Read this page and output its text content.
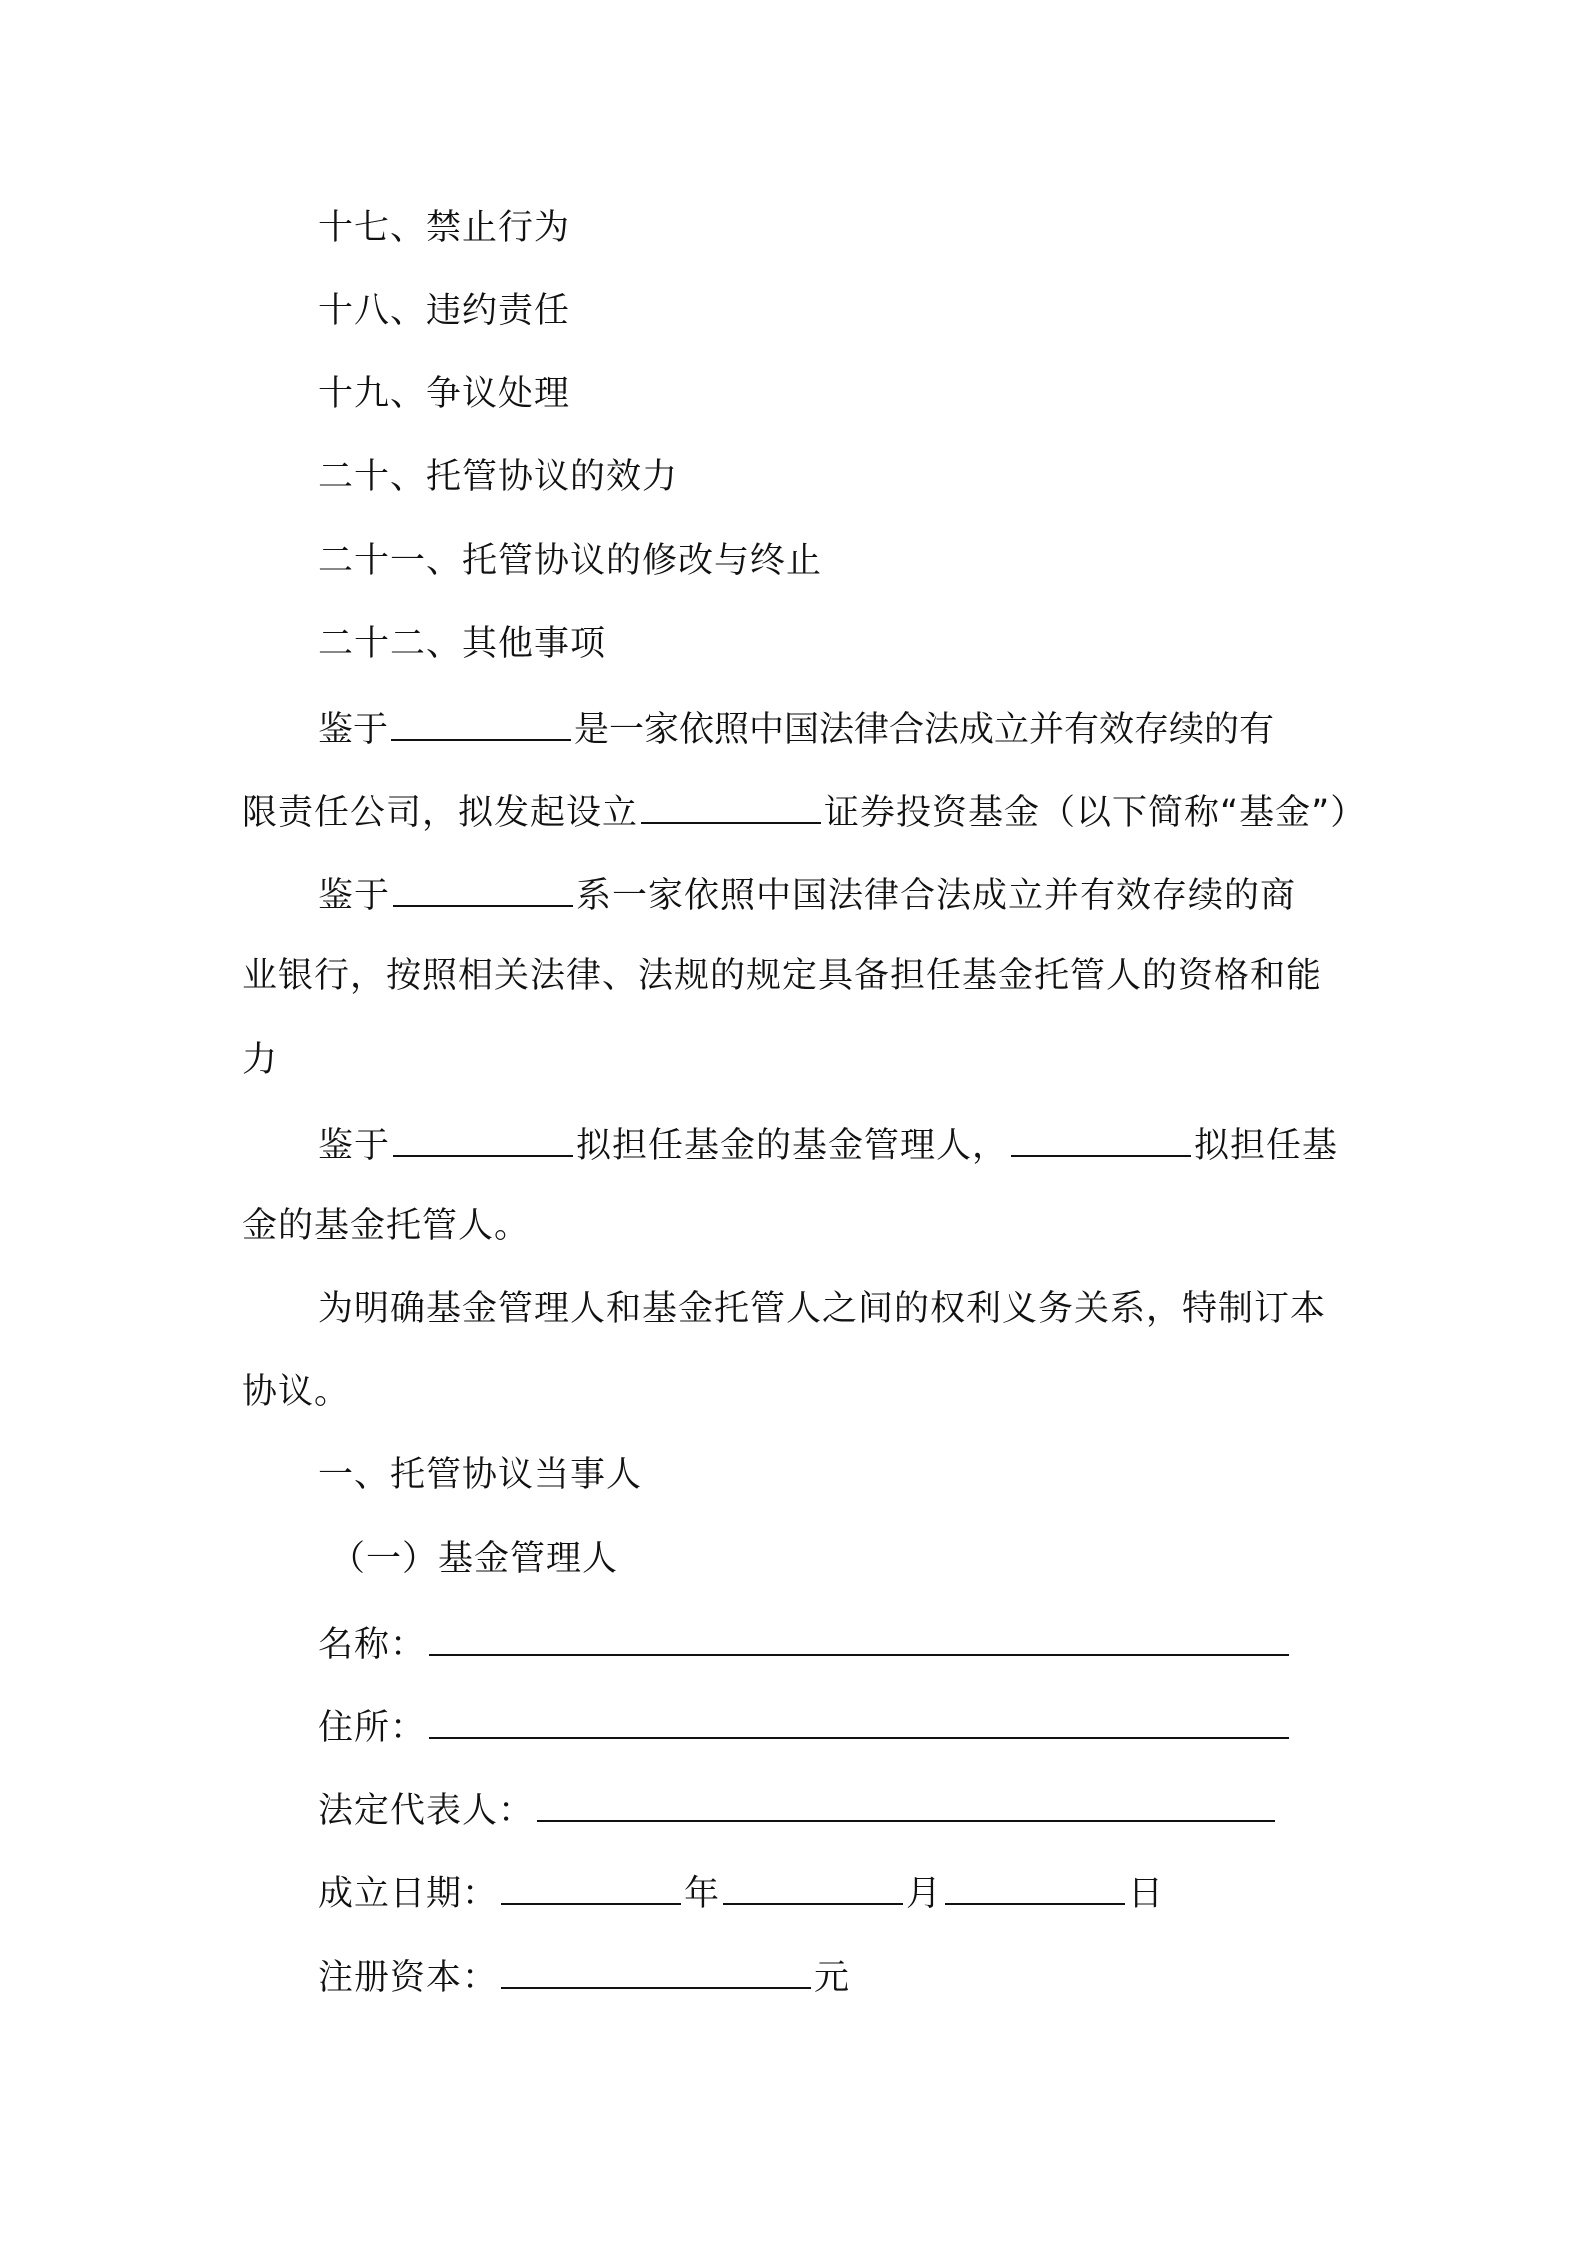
十七、禁止行为
十八、违约责任
十九、争议处理
二十、托管协议的效力
二十一、托管协议的修改与终止
二十二、其他事项
鉴于	是一家依照中国法律合法成立并有效存续的有
限责任公司，拟发起设立	证券投资基金（以下简称“基金”）
鉴于	系一家依照中国法律合法成立并有效存续的商
业银行，按照相关法律、法规的规定具备担任基金托管人的资格和能
力
鉴于	拟担任基金的基金管理人，	拟担任基
金的基金托管人。
为明确基金管理人和基金托管人之间的权利义务关系，特制订本
协议。
一、托管协议当事人
（一）基金管理人
名称：
住所：
法定代表人：
成立日期：	年	月	日
注册资本：	元
